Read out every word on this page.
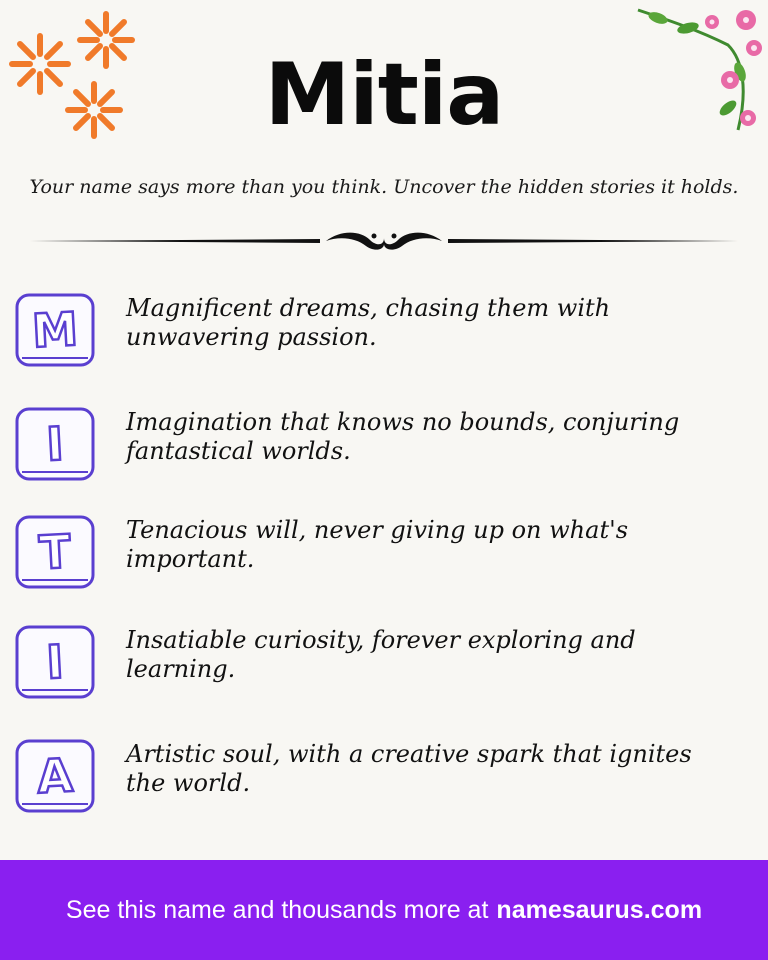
Mitia
Your name says more than you think. Uncover the hidden stories it holds.
M	Magnificent dreams, chasing them with unwavering passion.
I	Imagination that knows no bounds, conjuring fantastical worlds.
T	Tenacious will, never giving up on what's important.
I	Insatiable curiosity, forever exploring and learning.
A	Artistic soul, with a creative spark that ignites the world.
See this name and thousands more at namesaurus.com
